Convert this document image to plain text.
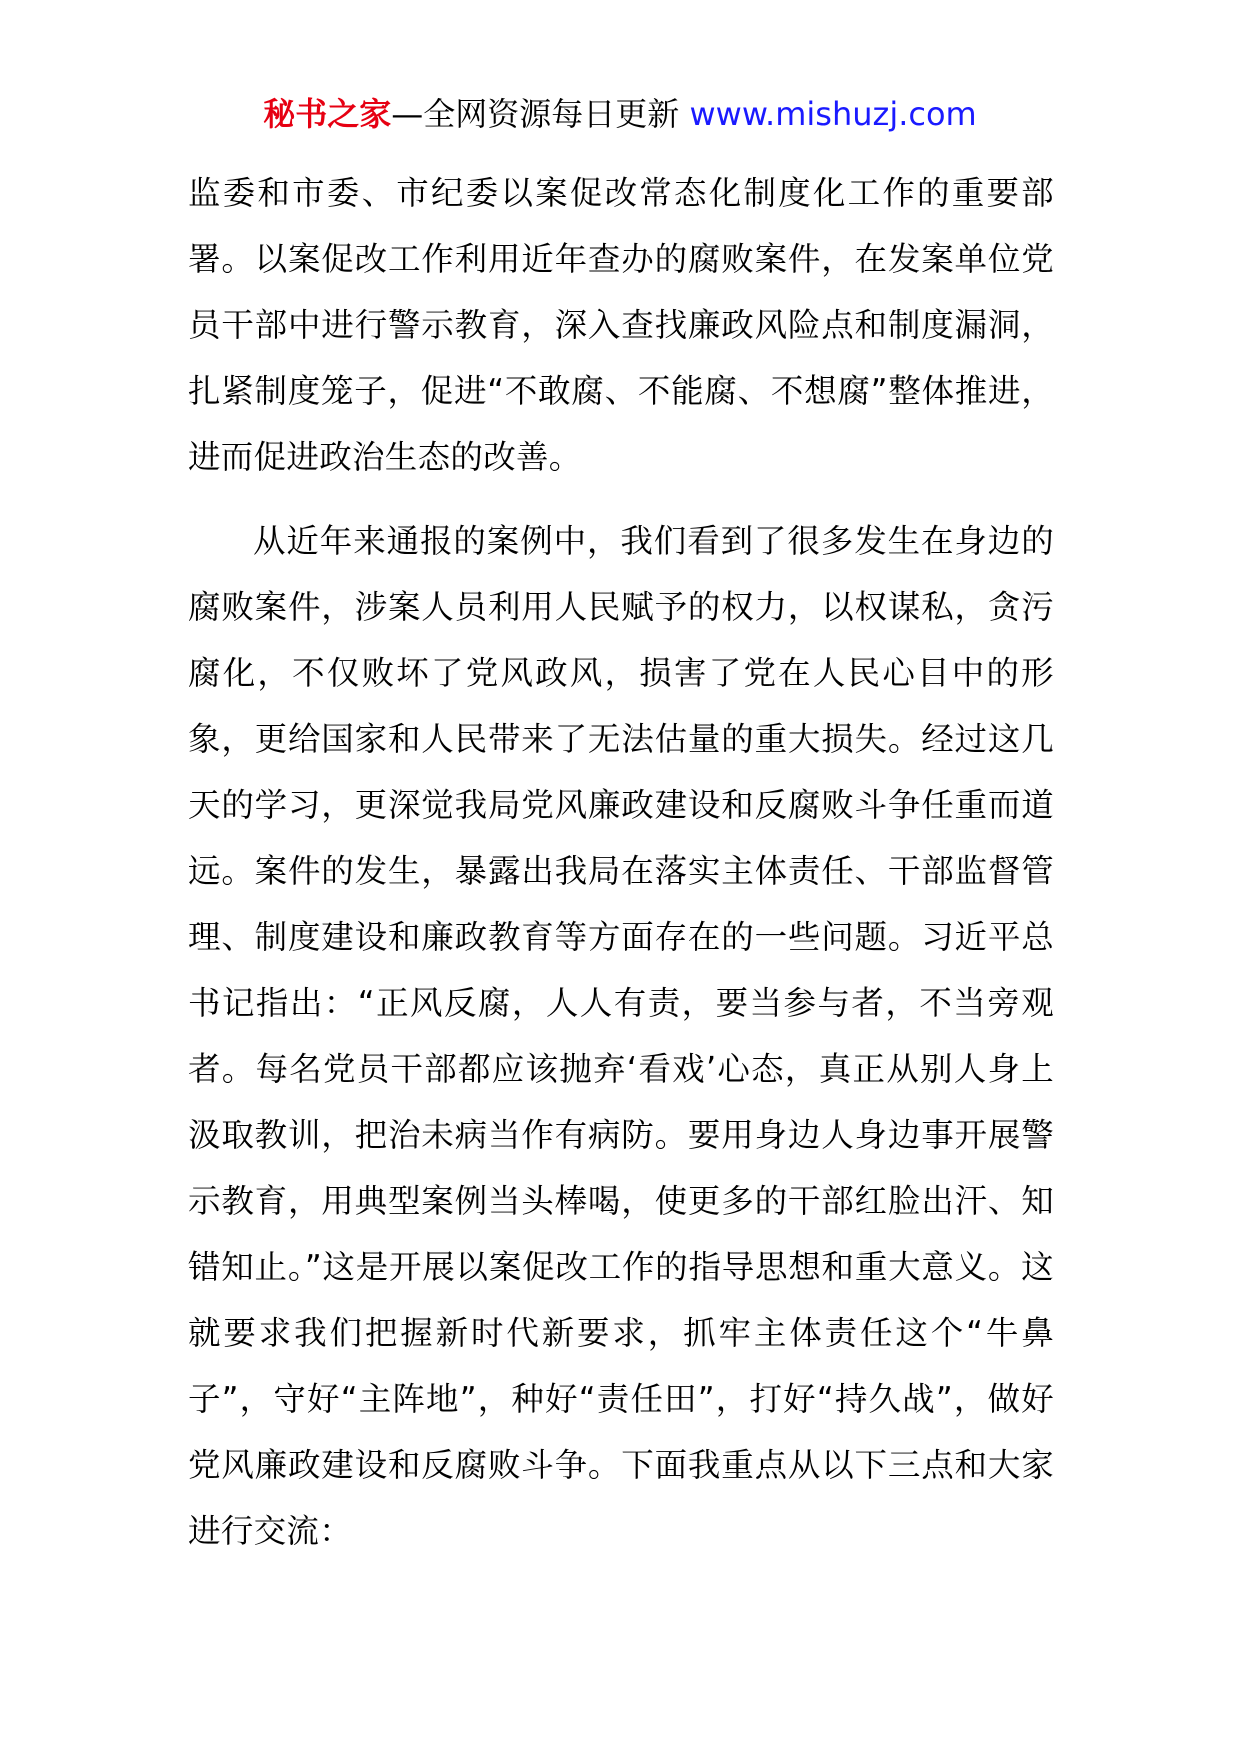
秘书之家—全网资源每日更新 www.mishuzj.com

监委和市委、市纪委以案促改常态化制度化工作的重要部署。以案促改工作利用近年查办的腐败案件，在发案单位党员干部中进行警示教育，深入查找廉政风险点和制度漏洞，扎紧制度笼子，促进“不敢腐、不能腐、不想腐”整体推进，进而促进政治生态的改善。

从近年来通报的案例中，我们看到了很多发生在身边的腐败案件，涉案人员利用人民赋予的权力，以权谋私，贪污腐化，不仅败坏了党风政风，损害了党在人民心目中的形象，更给国家和人民带来了无法估量的重大损失。经过这几天的学习，更深觉我局党风廉政建设和反腐败斗争任重而道远。案件的发生，暴露出我局在落实主体责任、干部监督管理、制度建设和廉政教育等方面存在的一些问题。习近平总书记指出：“正风反腐，人人有责，要当参与者，不当旁观者。每名党员干部都应该抛弃‘看戏’心态，真正从别人身上汲取教训，把治未病当作有病防。要用身边人身边事开展警示教育，用典型案例当头棒喝，使更多的干部红脸出汗、知错知止。”这是开展以案促改工作的指导思想和重大意义。这就要求我们把握新时代新要求，抓牢主体责任这个“牛鼻子”，守好“主阵地”，种好“责任田”，打好“持久战”，做好党风廉政建设和反腐败斗争。下面我重点从以下三点和大家进行交流：
